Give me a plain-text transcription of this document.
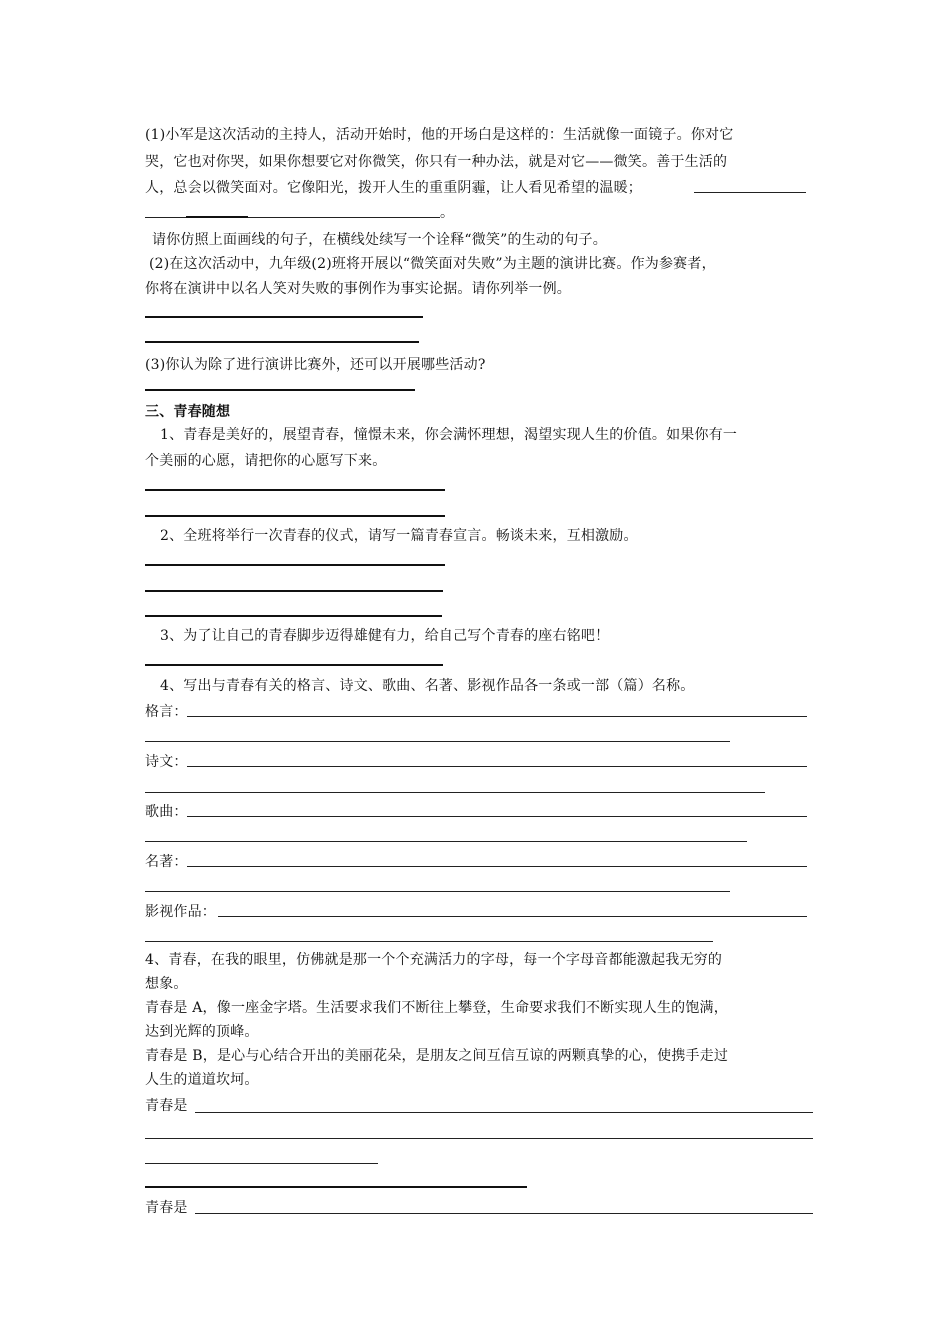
(1)小军是这次活动的主持人，活动开始时，他的开场白是这样的：生活就像一面镜子。你对它
哭，它也对你哭，如果你想要它对你微笑，你只有一种办法，就是对它——微笑。善于生活的
人，总会以微笑面对。它像阳光，拨开人生的重重阴霾，让人看见希望的温暖；
。
请你仿照上面画线的句子，在横线处续写一个诠释“微笑”的生动的句子。
(2)在这次活动中，九年级(2)班将开展以“微笑面对失败”为主题的演讲比赛。作为参赛者，
你将在演讲中以名人笑对失败的事例作为事实论据。请你列举一例。
(3)你认为除了进行演讲比赛外，还可以开展哪些活动?
三、青春随想
1、青春是美好的，展望青春，憧憬未来，你会满怀理想，渴望实现人生的价值。如果你有一
个美丽的心愿，请把你的心愿写下来。
2、全班将举行一次青春的仪式，请写一篇青春宣言。畅谈未来，互相激励。
3、为了让自己的青春脚步迈得雄健有力，给自己写个青春的座右铭吧！
4、写出与青春有关的格言、诗文、歌曲、名著、影视作品各一条或一部（篇）名称。
格言：
诗文：
歌曲：
名著：
影视作品：
4、青春，在我的眼里，仿佛就是那一个个充满活力的字母，每一个字母音都能激起我无穷的
想象。
青春是 A，像一座金字塔。生活要求我们不断往上攀登，生命要求我们不断实现人生的饱满，
达到光辉的顶峰。
青春是 B，是心与心结合开出的美丽花朵，是朋友之间互信互谅的两颗真挚的心，使携手走过
人生的道道坎坷。
青春是
青春是
